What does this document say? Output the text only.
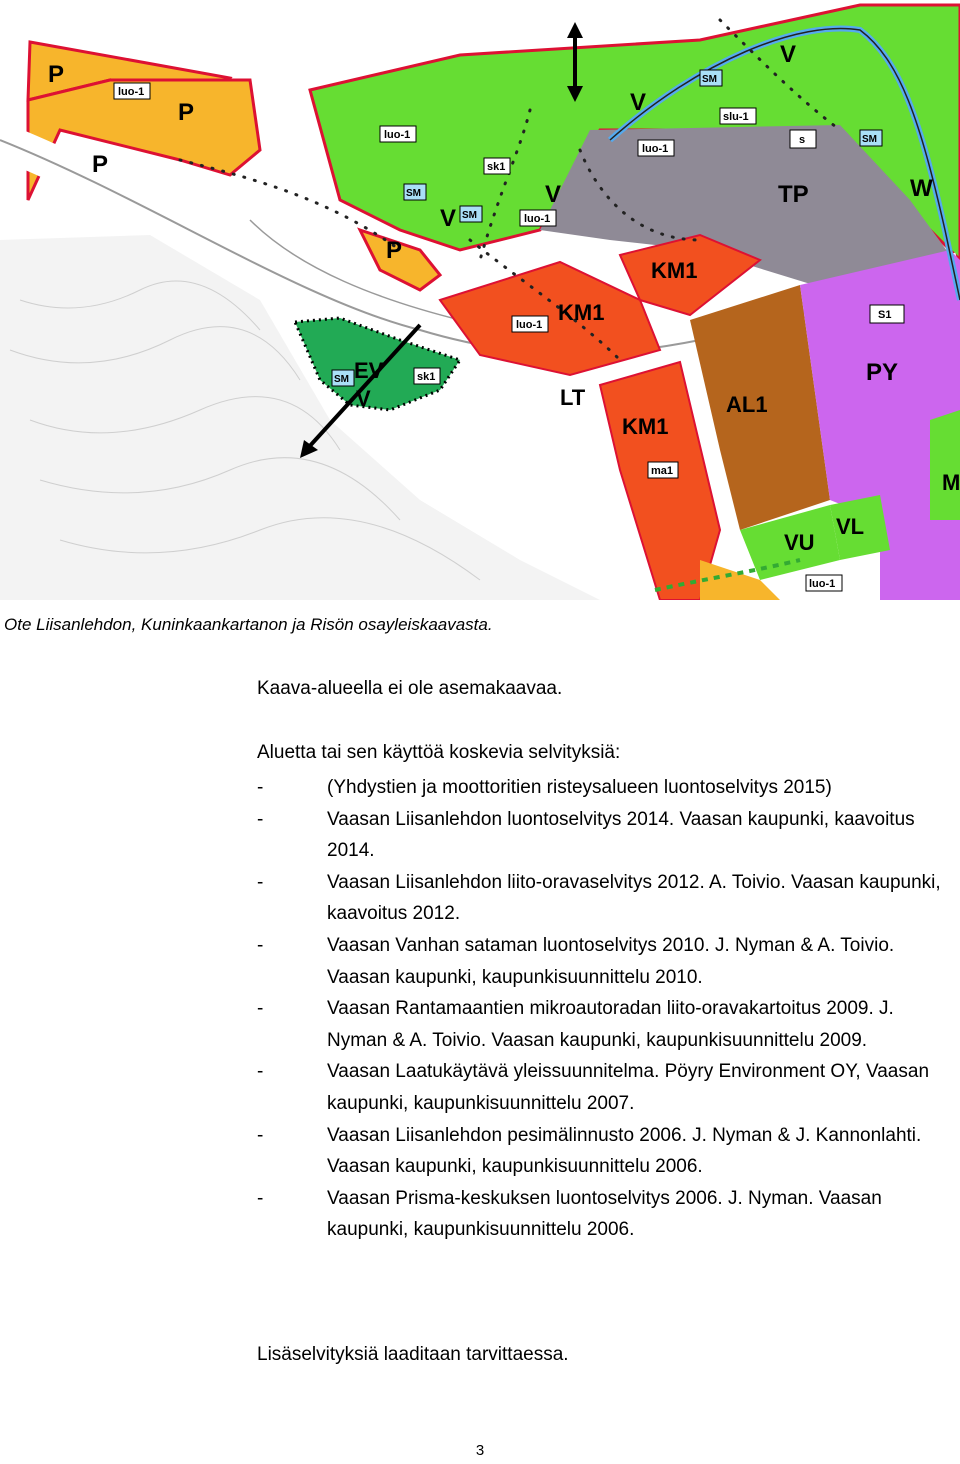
P
P
P
P
V
V
V
V	W
TP
KM1
KM1
KM1
AL1
LT
PY
EV
V
VU
VL
M
luo-1
luo-1
luo-1
luo-1
luo-1
slu-1
sk1
sk1
s
S1
ma1
luo-1
SM
SM
SM
SM
SM
Ote Liisanlehdon, Kuninkaankartanon ja Risön osayleiskaavasta.
Kaava-alueella ei ole asemakaavaa.
Aluetta tai sen käyttöä koskevia selvityksiä:
-	(Yhdystien ja moottoritien risteysalueen luontoselvitys 2015)
-	Vaasan Liisanlehdon luontoselvitys 2014. Vaasan kaupunki, kaavoitus 2014.
-	Vaasan Liisanlehdon liito-oravaselvitys 2012. A. Toivio. Vaasan kaupunki, kaavoitus 2012.
-	Vaasan Vanhan sataman luontoselvitys 2010. J. Nyman & A. Toivio. Vaasan kaupunki, kaupunkisuunnittelu 2010.
-	Vaasan Rantamaantien mikroautoradan liito-oravakartoitus 2009. J. Nyman & A. Toivio. Vaasan kaupunki, kaupunkisuunnittelu 2009.
-	Vaasan Laatukäytävä yleissuunnitelma. Pöyry Environment OY, Vaasan kaupunki, kaupunkisuunnittelu 2007.
-	Vaasan Liisanlehdon pesimälinnusto 2006. J. Nyman & J. Kannonlahti. Vaasan kaupunki, kaupunkisuunnittelu 2006.
-	Vaasan Prisma-keskuksen luontoselvitys 2006. J. Nyman. Vaasan kaupunki, kaupunkisuunnittelu 2006.
Lisäselvityksiä laaditaan tarvittaessa.
3
